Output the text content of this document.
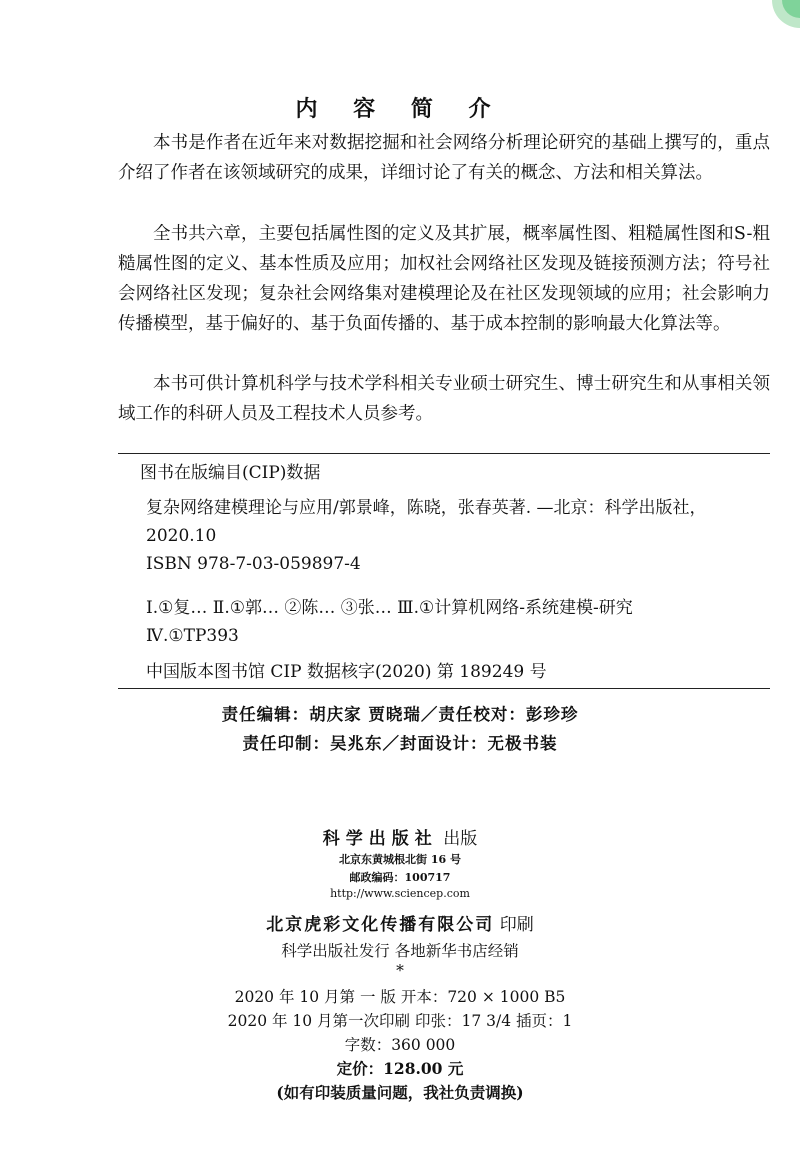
内 容 简 介

本书是作者在近年来对数据挖掘和社会网络分析理论研究的基础上撰写的，重点介绍了作者在该领域研究的成果，详细讨论了有关的概念、方法和相关算法。

全书共六章，主要包括属性图的定义及其扩展，概率属性图、粗糙属性图和S-粗糙属性图的定义、基本性质及应用；加权社会网络社区发现及链接预测方法；符号社会网络社区发现；复杂社会网络集对建模理论及在社区发现领域的应用；社会影响力传播模型，基于偏好的、基于负面传播的、基于成本控制的影响最大化算法等。

本书可供计算机科学与技术学科相关专业硕士研究生、博士研究生和从事相关领域工作的科研人员及工程技术人员参考。

图书在版编目(CIP)数据
复杂网络建模理论与应用/郭景峰，陈晓，张春英著. —北京：科学出版社，
2020.10
ISBN 978-7-03-059897-4
Ⅰ.①复… Ⅱ.①郭… ②陈… ③张… Ⅲ.①计算机网络-系统建模-研究
Ⅳ.①TP393
中国版本图书馆 CIP 数据核字(2020) 第 189249 号
责任编辑：胡庆家 贾晓瑞／责任校对：彭珍珍
责任印制：吴兆东／封面设计：无极书装
科学出版社 出版
北京东黄城根北街 16 号
邮政编码：100717
http://www.sciencep.com
北京虎彩文化传播有限公司 印刷
科学出版社发行 各地新华书店经销
*
2020 年 10 月第 一 版 开本：720 × 1000 B5
2020 年 10 月第一次印刷 印张：17 3/4 插页：1
字数：360 000
定价：128.00 元
(如有印装质量问题，我社负责调换)
